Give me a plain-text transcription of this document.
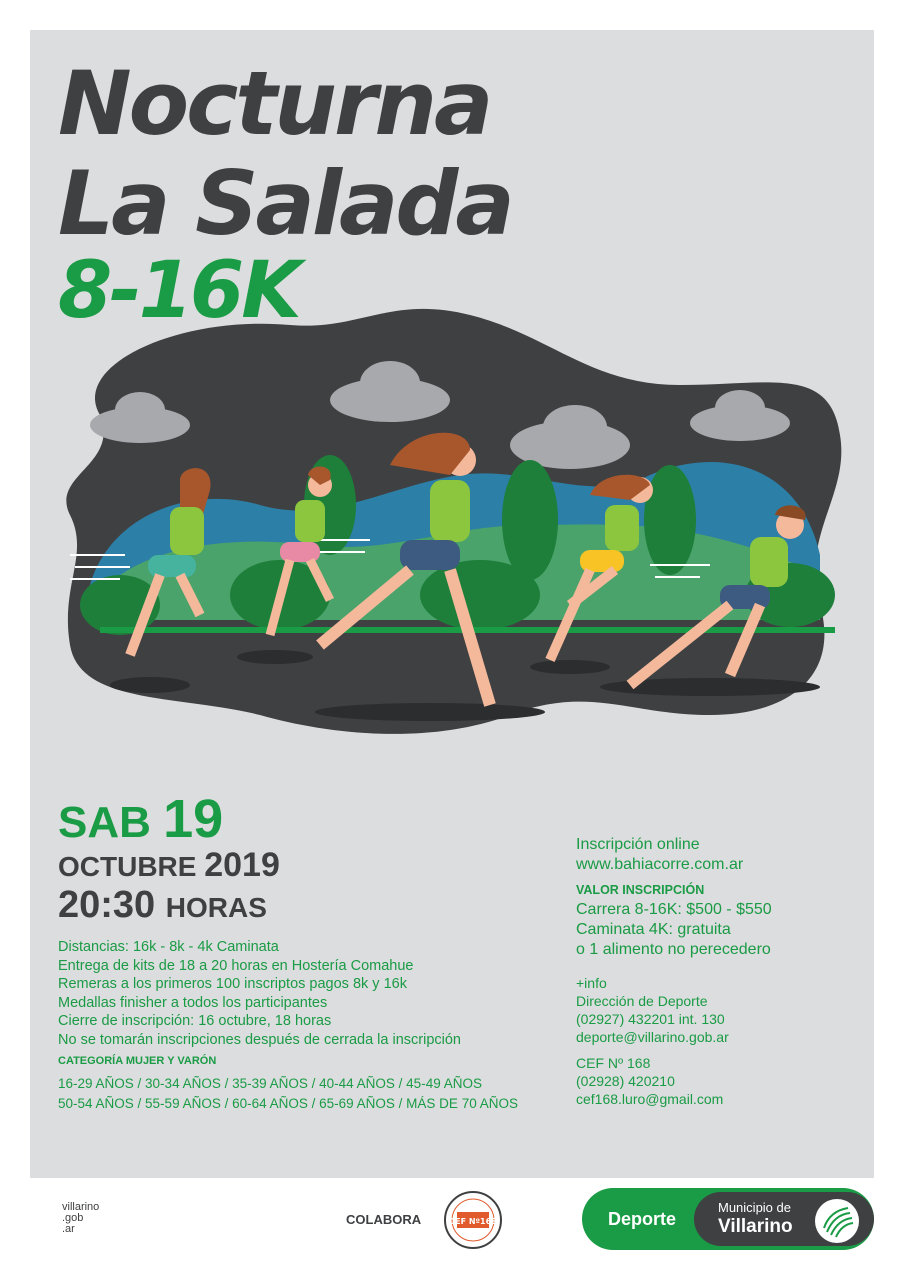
Nocturna
La Salada
8-16K
SAB 19
OCTUBRE 2019
20:30 HORAS
Distancias: 16k - 8k - 4k Caminata
Entrega de kits de 18 a 20 horas en Hostería Comahue
Remeras a los primeros 100 inscriptos pagos 8k y 16k
Medallas finisher a todos los participantes
Cierre de inscripción: 16 octubre, 18 horas
No se tomarán inscripciones después de cerrada la inscripción
CATEGORÍA MUJER Y VARÓN
16-29 AÑOS / 30-34 AÑOS / 35-39 AÑOS / 40-44 AÑOS / 45-49 AÑOS
50-54 AÑOS / 55-59 AÑOS / 60-64 AÑOS / 65-69 AÑOS / MÁS DE 70 AÑOS
Inscripción online
www.bahiacorre.com.ar
VALOR INSCRIPCIÓN
Carrera 8-16K: $500 - $550
Caminata 4K: gratuita
o 1 alimento no perecedero
+info
Dirección de Deporte
(02927) 432201 int. 130
deporte@villarino.gob.ar
CEF Nº 168
(02928) 420210
cef168.luro@gmail.com
villarino
.gob
.ar
COLABORA	CEF Nº168	Deporte
Municipio de
Villarino
